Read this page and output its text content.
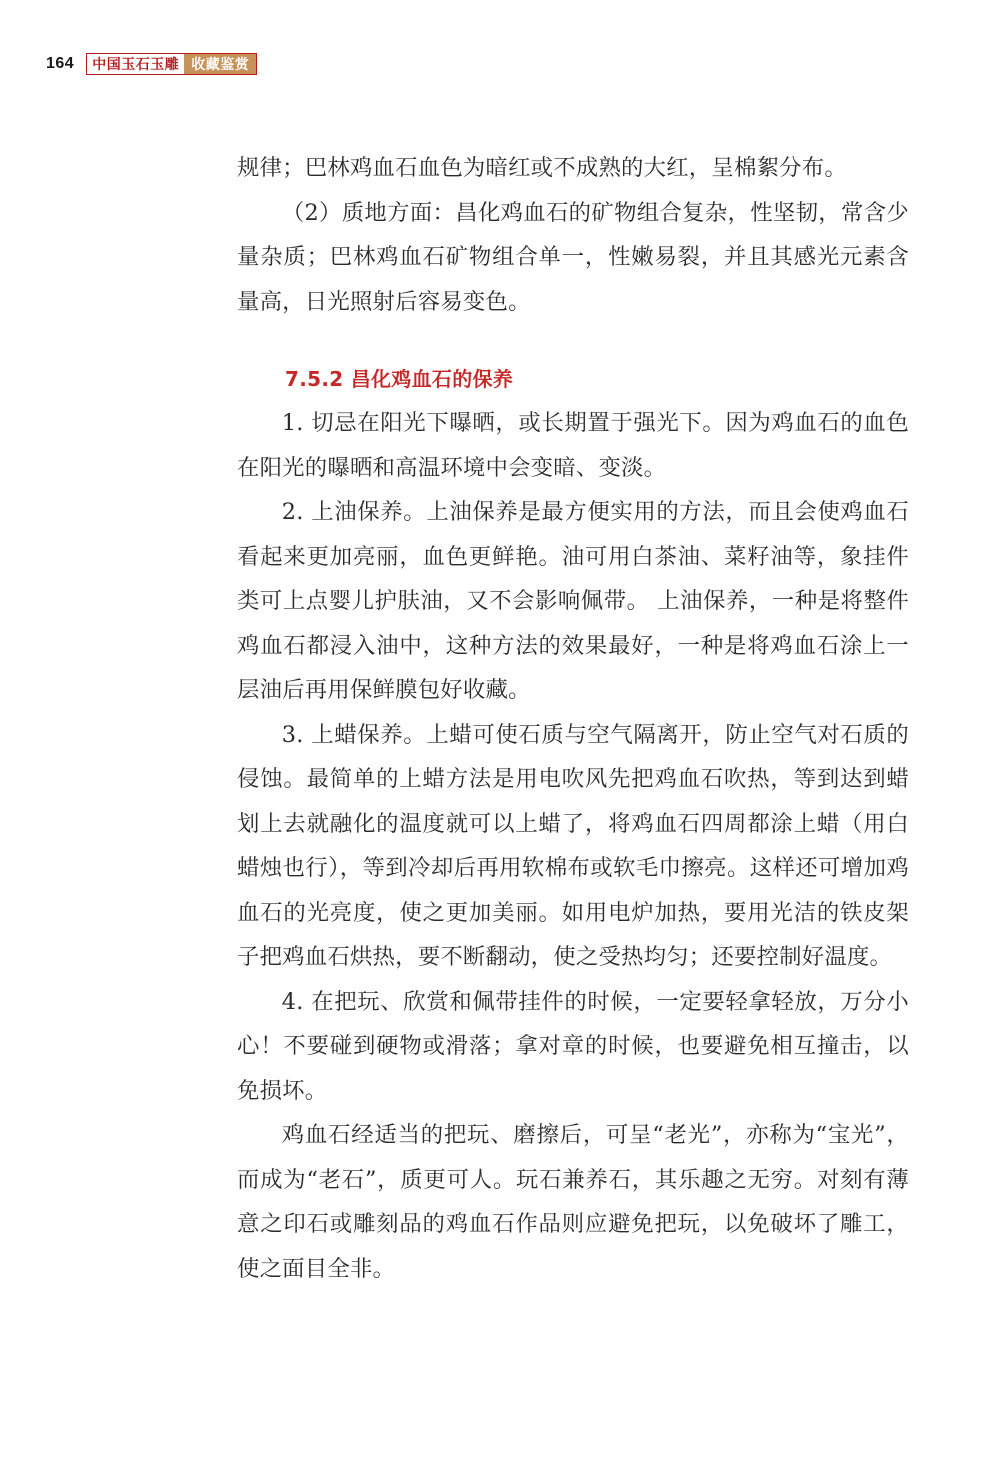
164	中国玉石玉雕 收藏鉴赏

规律；巴林鸡血石血色为暗红或不成熟的大红，呈棉絮分布。

（2）质地方面：昌化鸡血石的矿物组合复杂，性坚韧，常含少量杂质；巴林鸡血石矿物组合单一，性嫩易裂，并且其感光元素含量高，日光照射后容易变色。

7.5.2 昌化鸡血石的保养

1. 切忌在阳光下曝晒，或长期置于强光下。因为鸡血石的血色在阳光的曝晒和高温环境中会变暗、变淡。

2. 上油保养。上油保养是最方便实用的方法，而且会使鸡血石看起来更加亮丽，血色更鲜艳。油可用白茶油、菜籽油等，象挂件类可上点婴儿护肤油，又不会影响佩带。 上油保养，一种是将整件鸡血石都浸入油中，这种方法的效果最好，一种是将鸡血石涂上一层油后再用保鲜膜包好收藏。

3. 上蜡保养。上蜡可使石质与空气隔离开，防止空气对石质的侵蚀。最简单的上蜡方法是用电吹风先把鸡血石吹热，等到达到蜡划上去就融化的温度就可以上蜡了，将鸡血石四周都涂上蜡（用白蜡烛也行），等到冷却后再用软棉布或软毛巾擦亮。这样还可增加鸡血石的光亮度，使之更加美丽。如用电炉加热，要用光洁的铁皮架子把鸡血石烘热，要不断翻动，使之受热均匀；还要控制好温度。

4. 在把玩、欣赏和佩带挂件的时候，一定要轻拿轻放，万分小心！不要碰到硬物或滑落；拿对章的时候，也要避免相互撞击，以免损坏。

鸡血石经适当的把玩、磨擦后，可呈“老光”，亦称为“宝光”，而成为“老石”，质更可人。玩石兼养石，其乐趣之无穷。对刻有薄意之印石或雕刻品的鸡血石作品则应避免把玩，以免破坏了雕工，使之面目全非。
